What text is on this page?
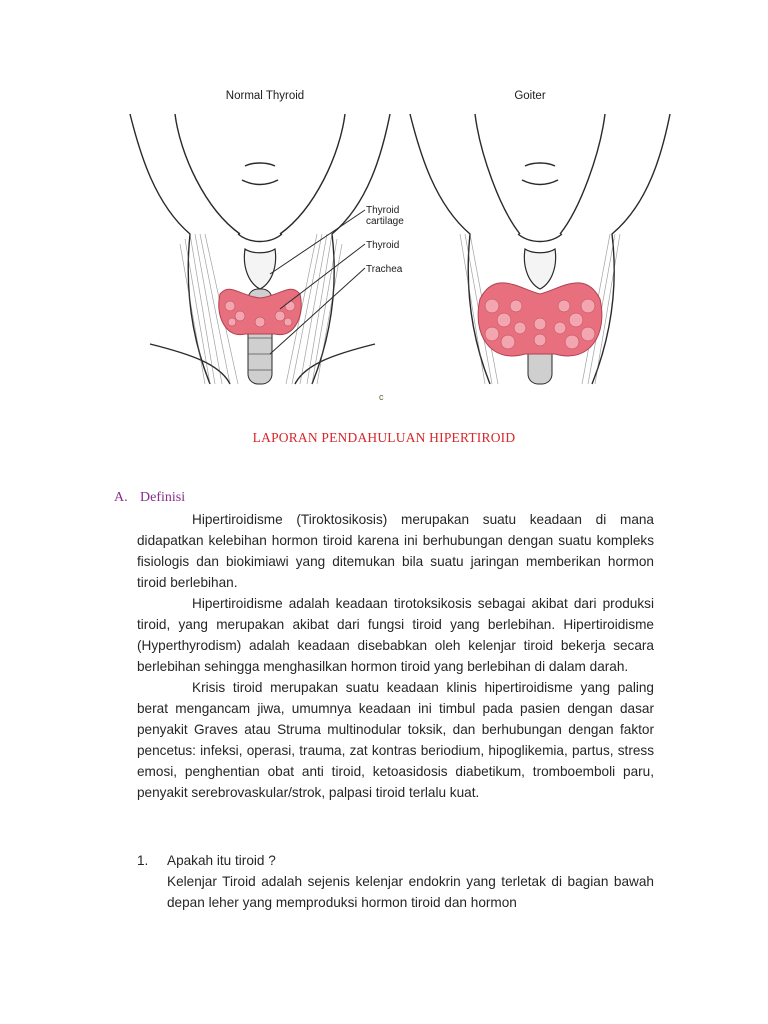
Normal Thyroid	Goiter
Thyroid cartilage
Thyroid
Trachea
c
LAPORAN PENDAHULUAN HIPERTIROID
A. Definisi

Hipertiroidisme (Tiroktosikosis) merupakan suatu keadaan di mana didapatkan kelebihan hormon tiroid karena ini berhubungan dengan suatu kompleks fisiologis dan biokimiawi yang ditemukan bila suatu jaringan memberikan hormon tiroid berlebihan.

Hipertiroidisme adalah keadaan tirotoksikosis sebagai akibat dari produksi tiroid, yang merupakan akibat dari fungsi tiroid yang berlebihan. Hipertiroidisme (Hyperthyrodism) adalah keadaan disebabkan oleh kelenjar tiroid bekerja secara berlebihan sehingga menghasilkan hormon tiroid yang berlebihan di dalam darah.

Krisis tiroid merupakan suatu keadaan klinis hipertiroidisme yang paling berat mengancam jiwa, umumnya keadaan ini timbul pada pasien dengan dasar penyakit Graves atau Struma multinodular toksik, dan berhubungan dengan faktor pencetus: infeksi, operasi, trauma, zat kontras beriodium, hipoglikemia, partus, stress emosi, penghentian obat anti tiroid, ketoasidosis diabetikum, tromboemboli paru, penyakit serebrovaskular/strok, palpasi tiroid terlalu kuat.

1. Apakah itu tiroid ?

Kelenjar Tiroid adalah sejenis kelenjar endokrin yang terletak di bagian bawah depan leher yang memproduksi hormon tiroid dan hormon
